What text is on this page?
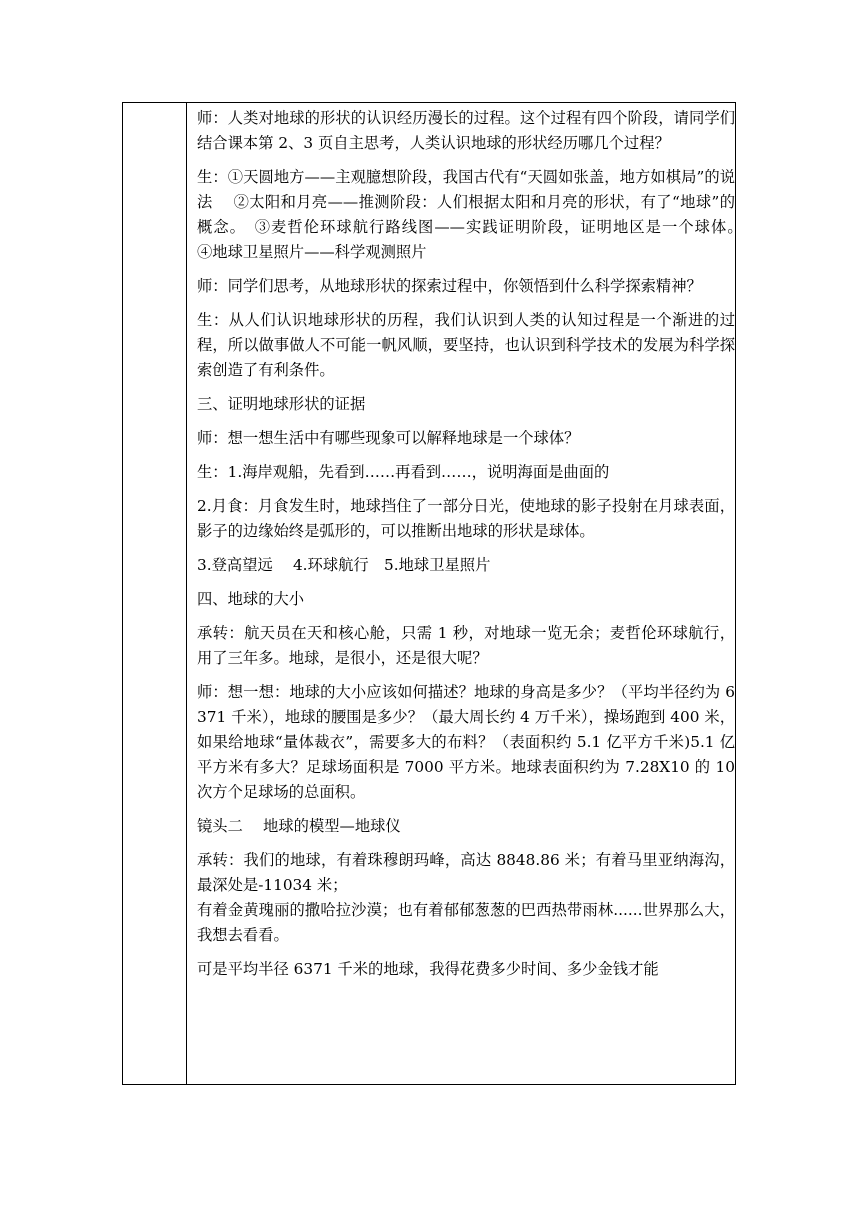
师：人类对地球的形状的认识经历漫长的过程。这个过程有四个阶段，请同学们结合课本第 2、3 页自主思考，人类认识地球的形状经历哪几个过程？

生：①天圆地方——主观臆想阶段，我国古代有“天圆如张盖，地方如棋局”的说法　 ②太阳和月亮——推测阶段：人们根据太阳和月亮的形状，有了“地球”的概念。　③麦哲伦环球航行路线图——实践证明阶段，证明地区是一个球体。　 ④地球卫星照片——科学观测照片

师：同学们思考，从地球形状的探索过程中，你领悟到什么科学探索精神？

生：从人们认识地球形状的历程，我们认识到人类的认知过程是一个渐进的过程，所以做事做人不可能一帆风顺，要坚持，也认识到科学技术的发展为科学探索创造了有利条件。

三、证明地球形状的证据

师：想一想生活中有哪些现象可以解释地球是一个球体？

生：1.海岸观船，先看到……再看到……，说明海面是曲面的

2.月食：月食发生时，地球挡住了一部分日光，使地球的影子投射在月球表面，影子的边缘始终是弧形的，可以推断出地球的形状是球体。

3.登高望远　 4.环球航行　5.地球卫星照片

四、地球的大小

承转：航天员在天和核心舱，只需 1 秒，对地球一览无余；麦哲伦环球航行，用了三年多。地球，是很小，还是很大呢？

师：想一想：地球的大小应该如何描述？地球的身高是多少？（平均半径约为 6371 千米），地球的腰围是多少？（最大周长约 4 万千米），操场跑到 400 米，如果给地球“量体裁衣”，需要多大的布料？（表面积约 5.1 亿平方千米)5.1 亿平方米有多大？足球场面积是 7000 平方米。地球表面积约为 7.28X10 的 10 次方个足球场的总面积。

镜头二　 地球的模型—地球仪

承转：我们的地球，有着珠穆朗玛峰，高达 8848.86 米；有着马里亚纳海沟，最深处是-11034 米；

有着金黄瑰丽的撒哈拉沙漠；也有着郁郁葱葱的巴西热带雨林......世界那么大，我想去看看。

可是平均半径 6371 千米的地球，我得花费多少时间、多少金钱才能
